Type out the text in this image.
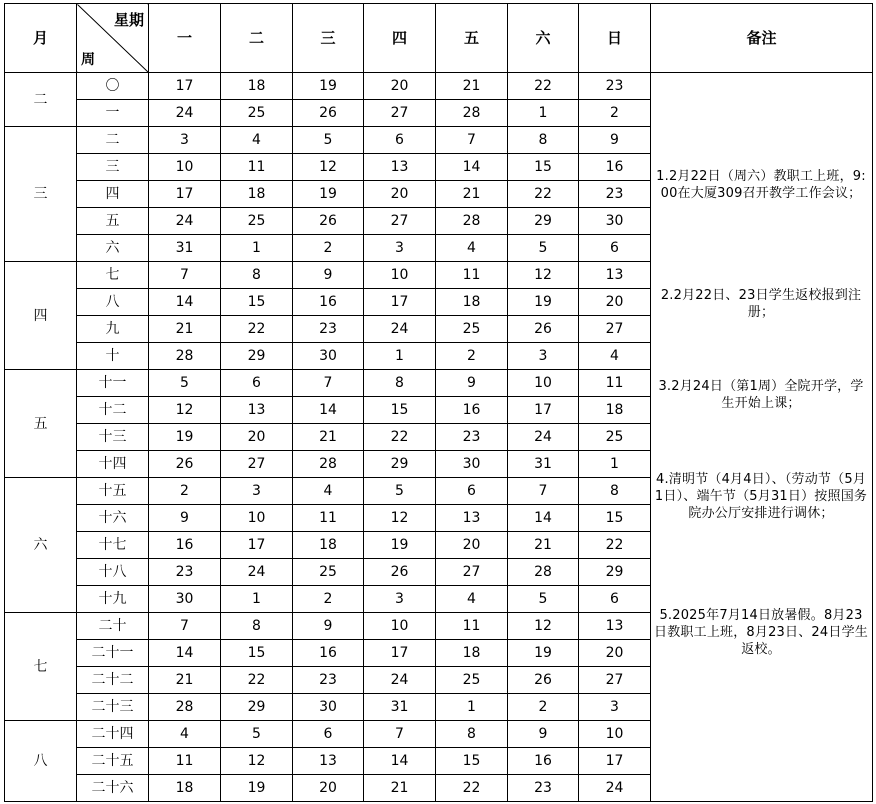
月	星期
周	一	二	三	四	五	六	日	备注
二	〇	17	18	19	20	21	22	23	1.2月22日（周六）教职工上班，9:00在大厦309召开教学工作会议；
2.2月22日、23日学生返校报到注册；
3.2月24日（第1周）全院开学，学生开始上课；
4.清明节（4月4日）、（劳动节（5月1日）、端午节（5月31日）按照国务院办公厅安排进行调休；
5.2025年7月14日放暑假。8月23日教职工上班，8月23日、24日学生返校。

	一	24	25	26	27	28	1	2	
三	二	3	4	5	6	7	8	9	
	三	10	11	12	13	14	15	16	
	四	17	18	19	20	21	22	23	
	五	24	25	26	27	28	29	30	
	六	31	1	2	3	4	5	6	
四	七	7	8	9	10	11	12	13	
	八	14	15	16	17	18	19	20	
	九	21	22	23	24	25	26	27	
	十	28	29	30	1	2	3	4	
五	十一	5	6	7	8	9	10	11	
	十二	12	13	14	15	16	17	18	
	十三	19	20	21	22	23	24	25	
	十四	26	27	28	29	30	31	1	
六	十五	2	3	4	5	6	7	8	
	十六	9	10	11	12	13	14	15	
	十七	16	17	18	19	20	21	22	
	十八	23	24	25	26	27	28	29	
	十九	30	1	2	3	4	5	6	
七	二十	7	8	9	10	11	12	13	
	二十一	14	15	16	17	18	19	20	
	二十二	21	22	23	24	25	26	27	
	二十三	28	29	30	31	1	2	3	
八	二十四	4	5	6	7	8	9	10	
	二十五	11	12	13	14	15	16	17	
	二十六	18	19	20	21	22	23	24	
